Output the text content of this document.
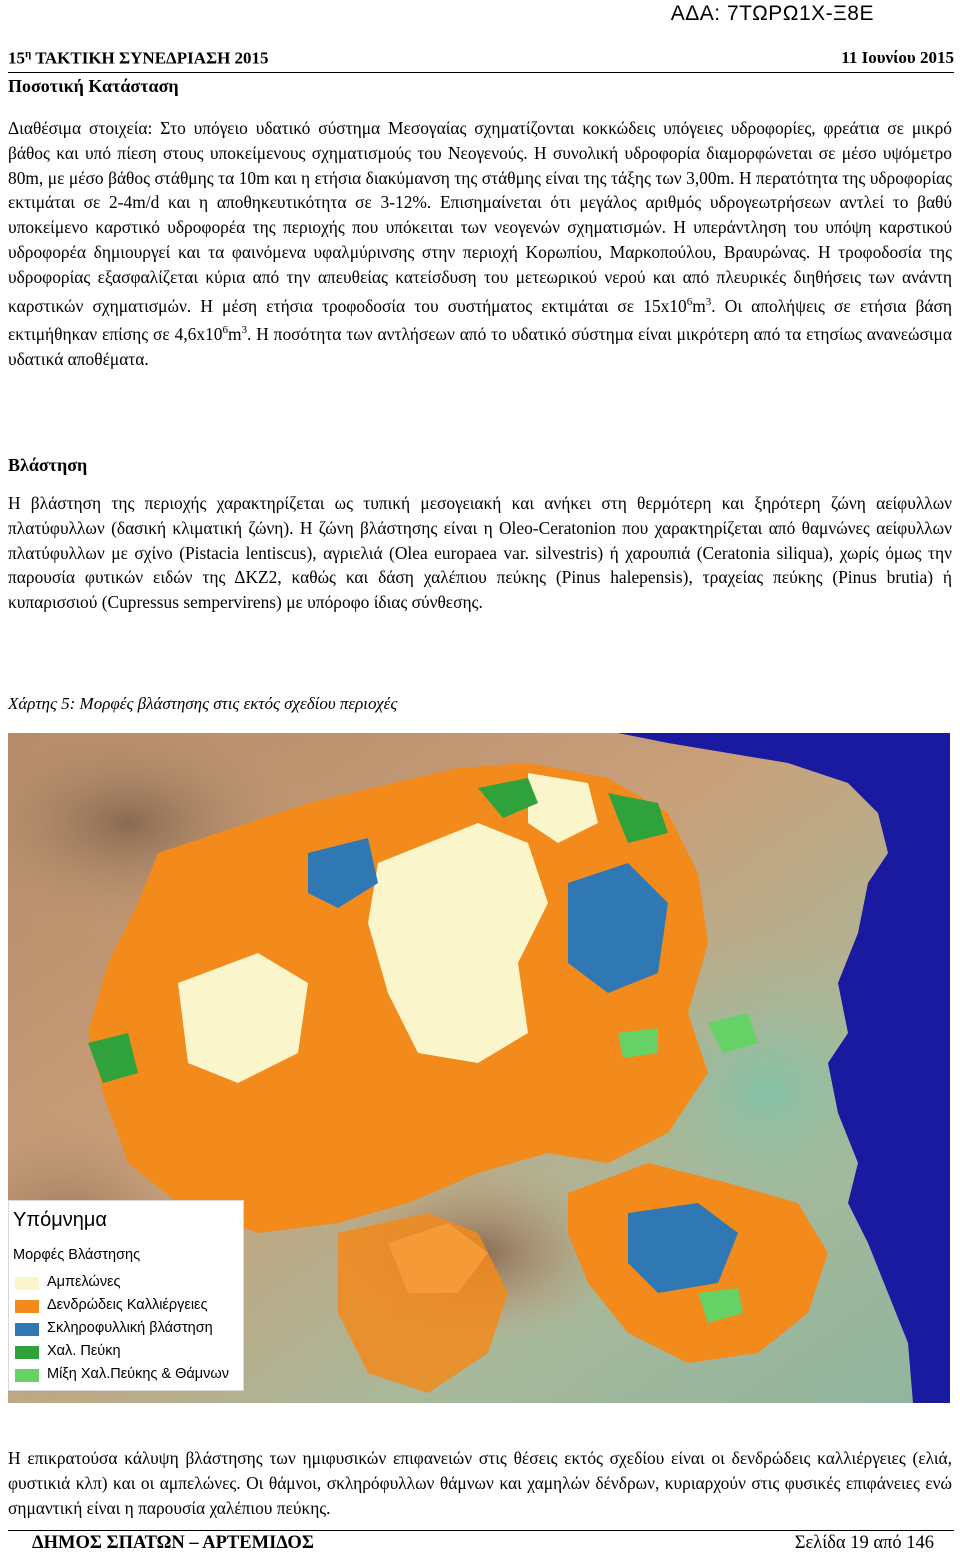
ΑΔΑ: 7ΤΩΡΩ1Χ-Ξ8Ε
$15^\eta$ ΤΑΚΤΙΚΗ ΣΥΝΕΔΡΙΑΣΗ 2015	11 Ιουνίου 2015
Ποσοτική Κατάσταση

Διαθέσιμα στοιχεία: Στο υπόγειο υδατικό σύστημα Μεσογαίας σχηματίζονται κοκκώδεις υπόγειες υδροφορίες, φρεάτια σε μικρό βάθος και υπό πίεση στους υποκείμενους σχηματισμούς του Νεογενούς. Η συνολική υδροφορία διαμορφώνεται σε μέσο υψόμετρο 80m, με μέσο βάθος στάθμης τα 10m και η ετήσια διακύμανση της στάθμης είναι της τάξης των 3,00m. Η περατότητα της υδροφορίας εκτιμάται σε 2-4m/d και η αποθηκευτικότητα σε 3-12%. Επισημαίνεται ότι μεγάλος αριθμός υδρογεωτρήσεων αντλεί το βαθύ υποκείμενο καρστικό υδροφορέα της περιοχής που υπόκειται των νεογενών σχηματισμών. Η υπεράντληση του υπόψη καρστικού υδροφορέα δημιουργεί και τα φαινόμενα υφαλμύρινσης στην περιοχή Κορωπίου, Μαρκοπούλου, Βραυρώνας. Η τροφοδοσία της υδροφορίας εξασφαλίζεται κύρια από την απευθείας κατείσδυση του μετεωρικού νερού και από πλευρικές διηθήσεις των ανάντη καρστικών σχηματισμών. Η μέση ετήσια τροφοδοσία του συστήματος εκτιμάται σε $15x10^6m^3$. Οι απολήψεις σε ετήσια βάση εκτιμήθηκαν επίσης σε $4,6x10^6m^3$. Η ποσότητα των αντλήσεων από το υδατικό σύστημα είναι μικρότερη από τα ετησίως ανανεώσιμα υδατικά αποθέματα.

Βλάστηση

Η βλάστηση της περιοχής χαρακτηρίζεται ως τυπική μεσογειακή και ανήκει στη θερμότερη και ξηρότερη ζώνη αείφυλλων πλατύφυλλων (δασική κλιματική ζώνη). Η ζώνη βλάστησης είναι η Oleo-Ceratonion που χαρακτηρίζεται από θαμνώνες αείφυλλων πλατύφυλλων με σχίνο (Pistacia lentiscus), αγριελιά (Olea europaea var. silvestris) ή χαρουπιά (Ceratonia siliqua), χωρίς όμως την παρουσία φυτικών ειδών της ΔΚΖ2, καθώς και δάση χαλέπιου πεύκης (Pinus halepensis), τραχείας πεύκης (Pinus brutia) ή κυπαρισσιού (Cupressus sempervirens) με υπόροφο ίδιας σύνθεσης.

Χάρτης 5: Μορφές βλάστησης στις εκτός σχεδίου περιοχές
Υπόμνημα
Μορφές Βλάστησης
Αμπελώνες
Δενδρώδεις Καλλιέργειες
Σκληροφυλλική βλάστηση
Χαλ. Πεύκη
Μίξη Χαλ.Πεύκης & Θάμνων

Η επικρατούσα κάλυψη βλάστησης των ημιφυσικών επιφανειών στις θέσεις εκτός σχεδίου είναι οι δενδρώδεις καλλιέργειες (ελιά, φυστικιά κλπ) και οι αμπελώνες. Οι θάμνοι, σκληρόφυλλων θάμνων και χαμηλών δένδρων, κυριαρχούν στις φυσικές επιφάνειες ενώ σημαντική είναι η παρουσία χαλέπιου πεύκης.

ΔΗΜΟΣ ΣΠΑΤΩΝ – ΑΡΤΕΜΙΔΟΣ	Σελίδα 19 από 146
